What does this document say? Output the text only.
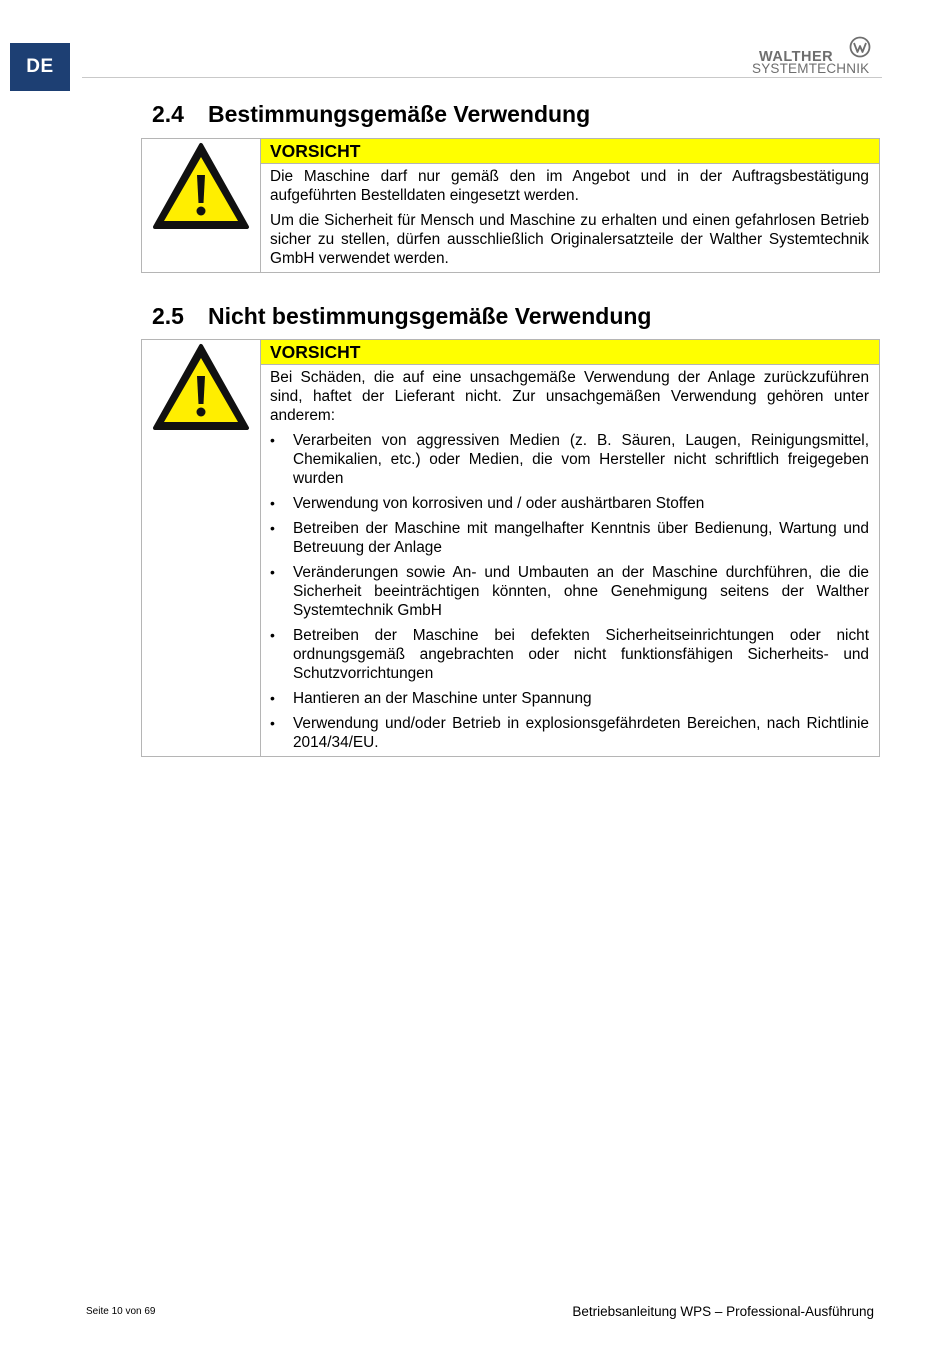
DE	WALTHER
SYSTEMTECHNIK
2.4	Bestimmungsgemäße Verwendung
VORSICHT

Die Maschine darf nur gemäß den im Angebot und in der Auftragsbestätigung aufgeführten Bestelldaten eingesetzt werden.

Um die Sicherheit für Mensch und Maschine zu erhalten und einen gefahrlosen Betrieb sicher zu stellen, dürfen ausschließlich Originalersatzteile der Walther Systemtechnik GmbH verwendet werden.

2.5	Nicht bestimmungsgemäße Verwendung
VORSICHT

Bei Schäden, die auf eine unsachgemäße Verwendung der Anlage zurückzuführen sind, haftet der Lieferant nicht. Zur unsachgemäßen Verwendung gehören unter anderem:

• Verarbeiten von aggressiven Medien (z. B. Säuren, Laugen, Reinigungsmittel, Chemikalien, etc.) oder Medien, die vom Hersteller nicht schriftlich freigegeben wurden
• Verwendung von korrosiven und / oder aushärtbaren Stoffen
• Betreiben der Maschine mit mangelhafter Kenntnis über Bedienung, Wartung und Betreuung der Anlage
• Veränderungen sowie An- und Umbauten an der Maschine durchführen, die die Sicherheit beeinträchtigen könnten, ohne Genehmigung seitens der Walther Systemtechnik GmbH
• Betreiben der Maschine bei defekten Sicherheitseinrichtungen oder nicht ordnungsgemäß angebrachten oder nicht funktionsfähigen Sicherheits- und Schutzvorrichtungen
• Hantieren an der Maschine unter Spannung
• Verwendung und/oder Betrieb in explosionsgefährdeten Bereichen, nach Richtlinie 2014/34/EU.
Seite 10 von 69	Betriebsanleitung WPS – Professional-Ausführung
